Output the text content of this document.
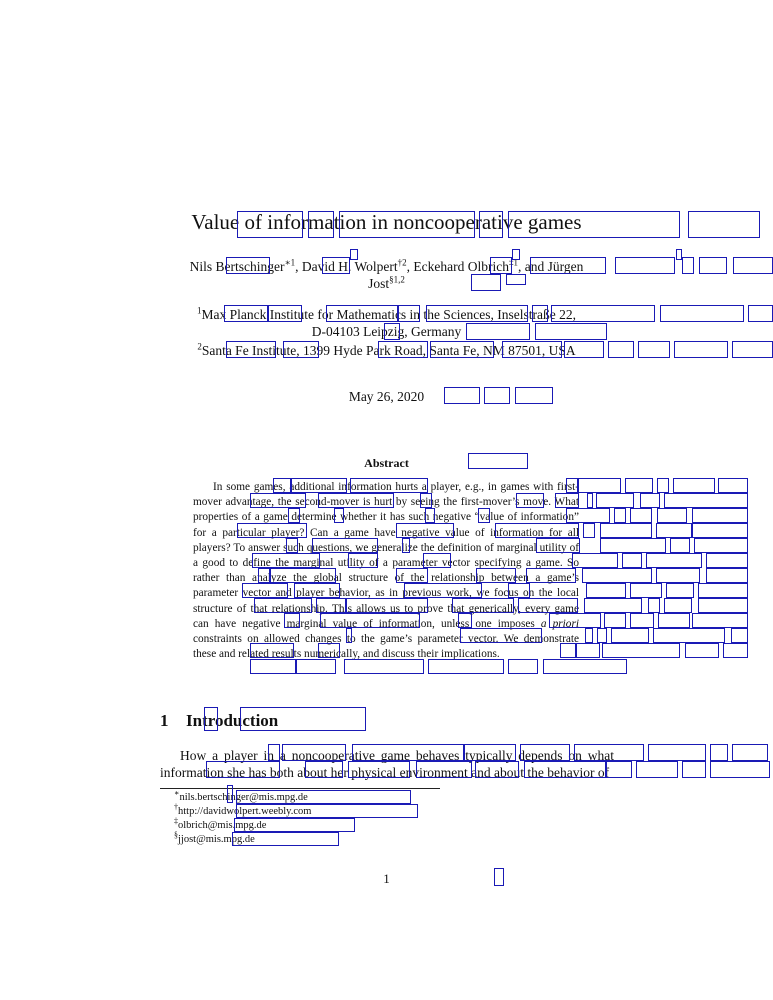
Value of information in noncooperative games
Nils Bertschinger$^{∗1}$, David H. Wolpert$^{\dagger 2}$, Eckehard Olbrich$^{\ddagger 1}$, and Jürgen
Jost$^{\S 1,2}$
$^1$Max Planck Institute for Mathematics in the Sciences, Inselstraße 22,
D-04103 Leipzig, Germany
$^2$Santa Fe Institute, 1399 Hyde Park Road, Santa Fe, NM 87501, USA
May 26, 2020
Abstract
In some games, additional information hurts a player, e.g., in games with first-mover advantage, the second-mover is hurt by seeing the first-mover’s move. What properties of a game determine whether it has such negative “value of information” for a particular player? Can a game have negative value of information for all players? To answer such questions, we generalize the definition of marginal utility of a good to define the marginal utility of a parameter vector specifying a game. So rather than analyze the global structure of the relationship between a game’s parameter vector and player behavior, as in previous work, we focus on the local structure of that relationship. This allows us to prove that generically, every game can have negative marginal value of information, unless one imposes a priori constraints on allowed changes to the game’s parameter vector. We demonstrate these and related results numerically, and discuss their implications.
1 Introduction
How a player in a noncooperative game behaves typically depends on what information she has both about her physical environment and about the behavior of
∗nils.bertschinger@mis.mpg.de
†http://davidwolpert.weebly.com
‡olbrich@mis.mpg.de
§jjost@mis.mpg.de
1
